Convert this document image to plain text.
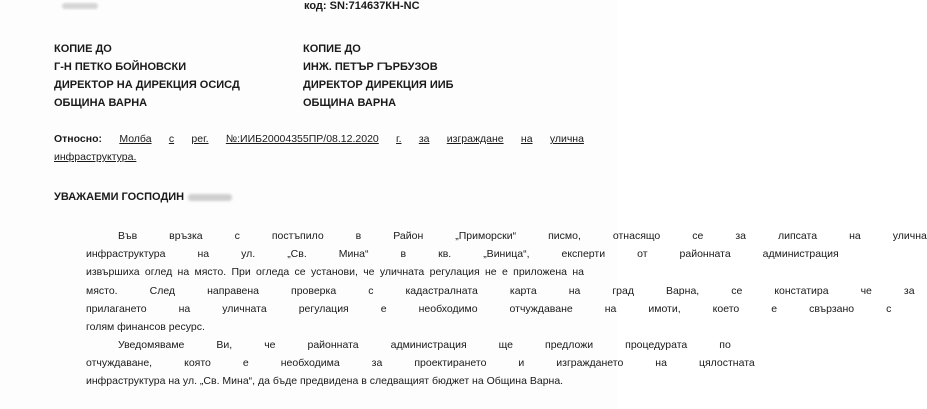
код: SN:714637КН-NC
КОПИЕ ДО
Г-Н ПЕТКО БОЙНОВСКИ
ДИРЕКТОР НА ДИРЕКЦИЯ ОСИСД
ОБЩИНА ВАРНА
КОПИЕ ДО
ИНЖ. ПЕТЪР ГЪРБУЗОВ
ДИРЕКТОР ДИРЕКЦИЯ ИИБ
ОБЩИНА ВАРНА
Относно: Молба с рег. №:ИИБ20004355ПР/08.12.2020 г. за изграждане на улична
инфраструктура.
УВАЖАЕМИ ГОСПОДИН
Във	връзка	с	постъпило	в	Район	„Приморски“	писмо,	отнасящо	се	за	липсата	на	улична
инфраструктура	на	ул.	„Св.	Мина“	в	кв.	„Виница“,	експерти	от	районната	администрация
извършиха оглед на място. При огледа се установи, че уличната регулация не е приложена на
място.	След	направена	проверка	с	кадастралната	карта	на	град	Варна,	се	констатира	че	за
прилагането	на	уличната	регулация	е	необходимо	отчуждаване	на	имоти,	което	е	свързано	с
голям финансов ресурс.
Уведомяваме	Ви,	че	районната	администрация	ще	предложи	процедурата	по
отчуждаване,	която	е	необходима	за	проектирането	и	изграждането	на	цялостната
инфраструктура на ул. „Св. Мина“, да бъде предвидена в следващият бюджет на Община Варна.
